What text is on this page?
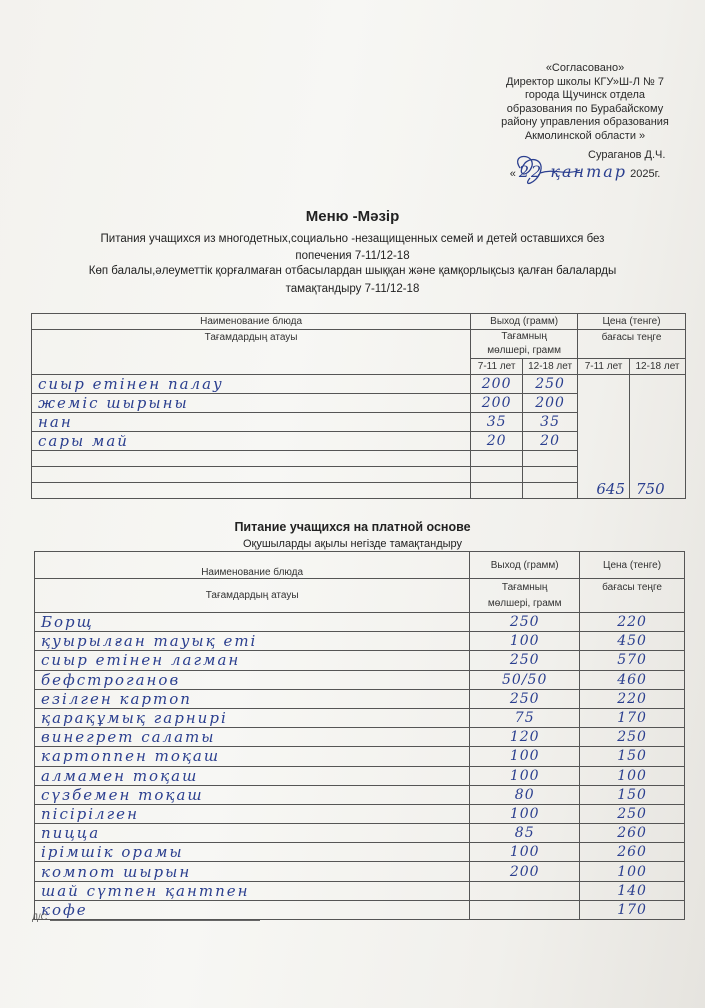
«Согласовано»
Директор школы КГУ»Ш-Л № 7
города Щучинск отдела
образования по Бурабайскому
району управления образования
Акмолинской области »
Сураганов Д.Ч.
« 22 қантар 2025г.
Меню -Мәзір
Питания учащихся из многодетных,социально -незащищенных семей и детей оставшихся без
попечения 7-11/12-18
Көп балалы,әлеуметтік қорғалмаған отбасылардан шыққан және қамқорлықсыз қалған балаларды
тамақтандыру 7-11/12-18
Наименование блюда	Выход (грамм)		Цена (тенге)	
Тағамдардың атауы	Тағамның
мөлшері, грамм		бағасы теңге	
	7-11 лет	12-18 лет	7-11 лет	12-18 лет
сиыр етінен палау	200	250	645	750

жеміс шырыны	200	200		
нан	35	35		
сары май	20	20		

Питание учащихся на платной основе
Оқушыларды ақылы негізде тамақтандыру
Наименование блюда	Выход (грамм)	Цена (тенге)
Тағамдардың атауы	Тағамның
мөлшері, грамм	бағасы теңге
Борщ	250	220
қуырылған тауық еті	100	450
сиыр етінен лагман	250	570
бефстроганов	50/50	460
езілген картоп	250	220
қарақұмық гарнирі	75	170
винегрет салаты	120	250
картоппен тоқаш	100	150
алмамен тоқаш	100	100
сүзбемен тоқаш	80	150
пісірілген	100	250
пицца	85	260
ірімшік орамы	100	260
компот шырын	200	100
шай сүтпен қантпен		140
кофе		170
Д/С
